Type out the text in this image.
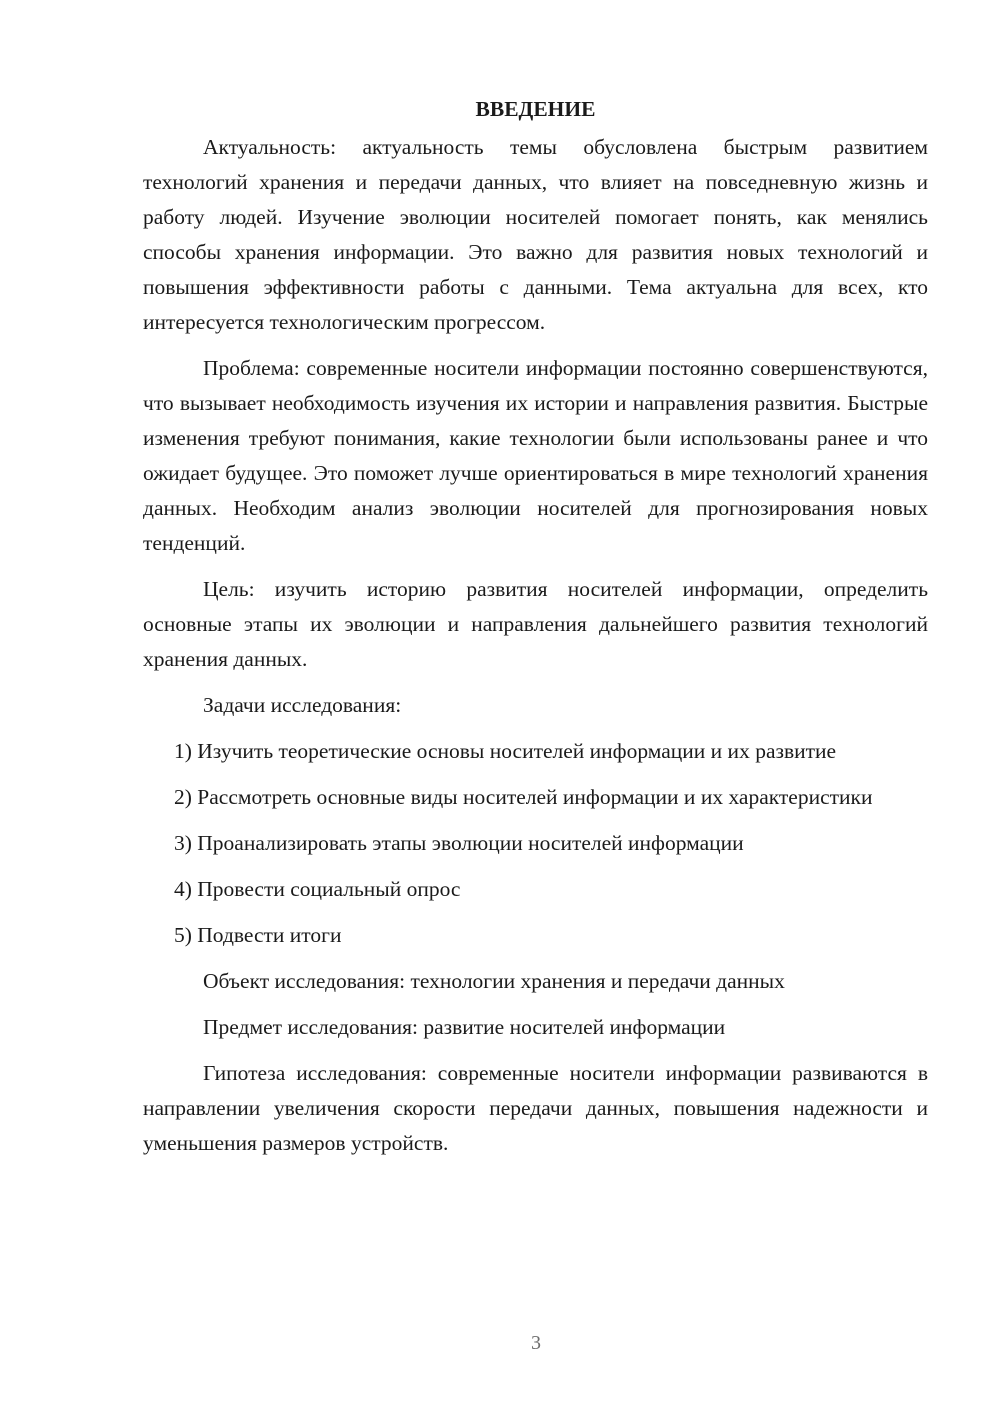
ВВЕДЕНИЕ

Актуальность: актуальность темы обусловлена быстрым развитием технологий хранения и передачи данных, что влияет на повседневную жизнь и работу людей. Изучение эволюции носителей помогает понять, как менялись способы хранения информации. Это важно для развития новых технологий и повышения эффективности работы с данными. Тема актуальна для всех, кто интересуется технологическим прогрессом.

Проблема: современные носители информации постоянно совершенствуются, что вызывает необходимость изучения их истории и направления развития. Быстрые изменения требуют понимания, какие технологии были использованы ранее и что ожидает будущее. Это поможет лучше ориентироваться в мире технологий хранения данных. Необходим анализ эволюции носителей для прогнозирования новых тенденций.

Цель: изучить историю развития носителей информации, определить основные этапы их эволюции и направления дальнейшего развития технологий хранения данных.

Задачи исследования:

1) Изучить теоретические основы носителей информации и их развитие

2) Рассмотреть основные виды носителей информации и их характеристики

3) Проанализировать этапы эволюции носителей информации

4) Провести социальный опрос

5) Подвести итоги

Объект исследования: технологии хранения и передачи данных

Предмет исследования: развитие носителей информации

Гипотеза исследования: современные носители информации развиваются в направлении увеличения скорости передачи данных, повышения надежности и уменьшения размеров устройств.

3
